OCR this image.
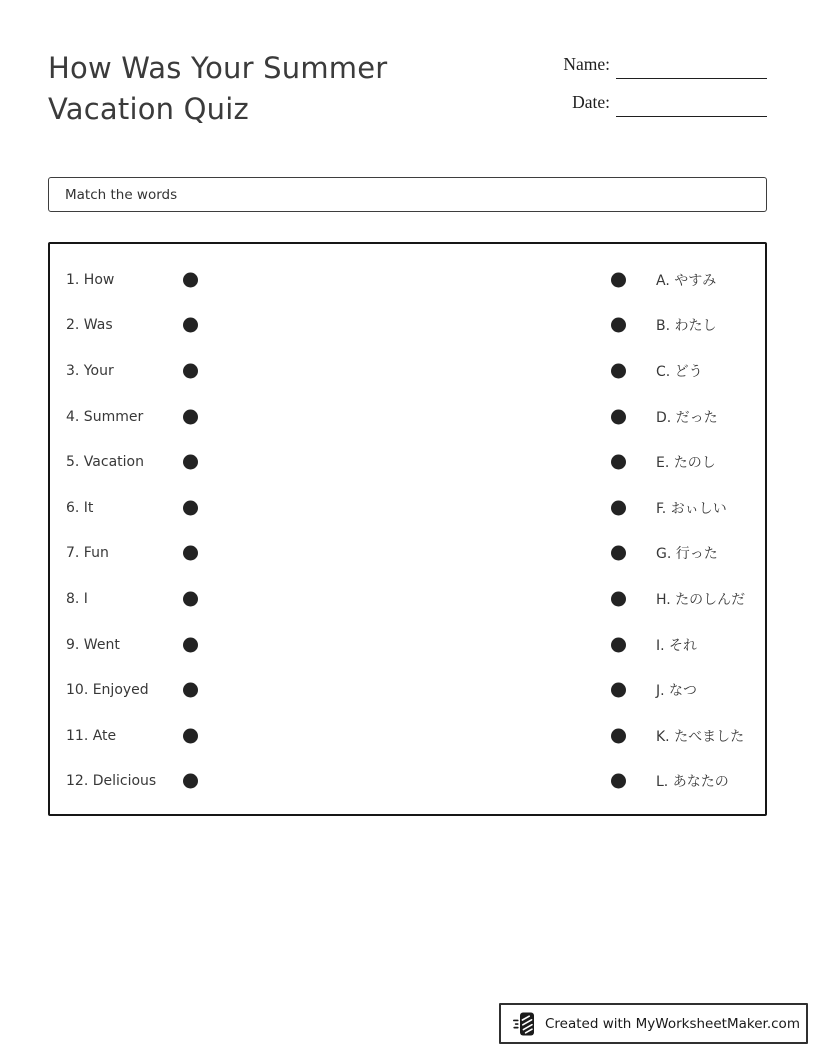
How Was Your Summer Vacation Quiz
Name:
Date:
Match the words
1. How	A. やすみ
2. Was	B. わたし
3. Your	C. どう
4. Summer	D. だった
5. Vacation	E. たのし
6. It	F. おぃしい
7. Fun	G. 行った
8. I	H. たのしんだ
9. Went	I. それ
10. Enjoyed	J. なつ
11. Ate	K. たべました
12. Delicious	L. あなたの
Created with MyWorksheetMaker.com
